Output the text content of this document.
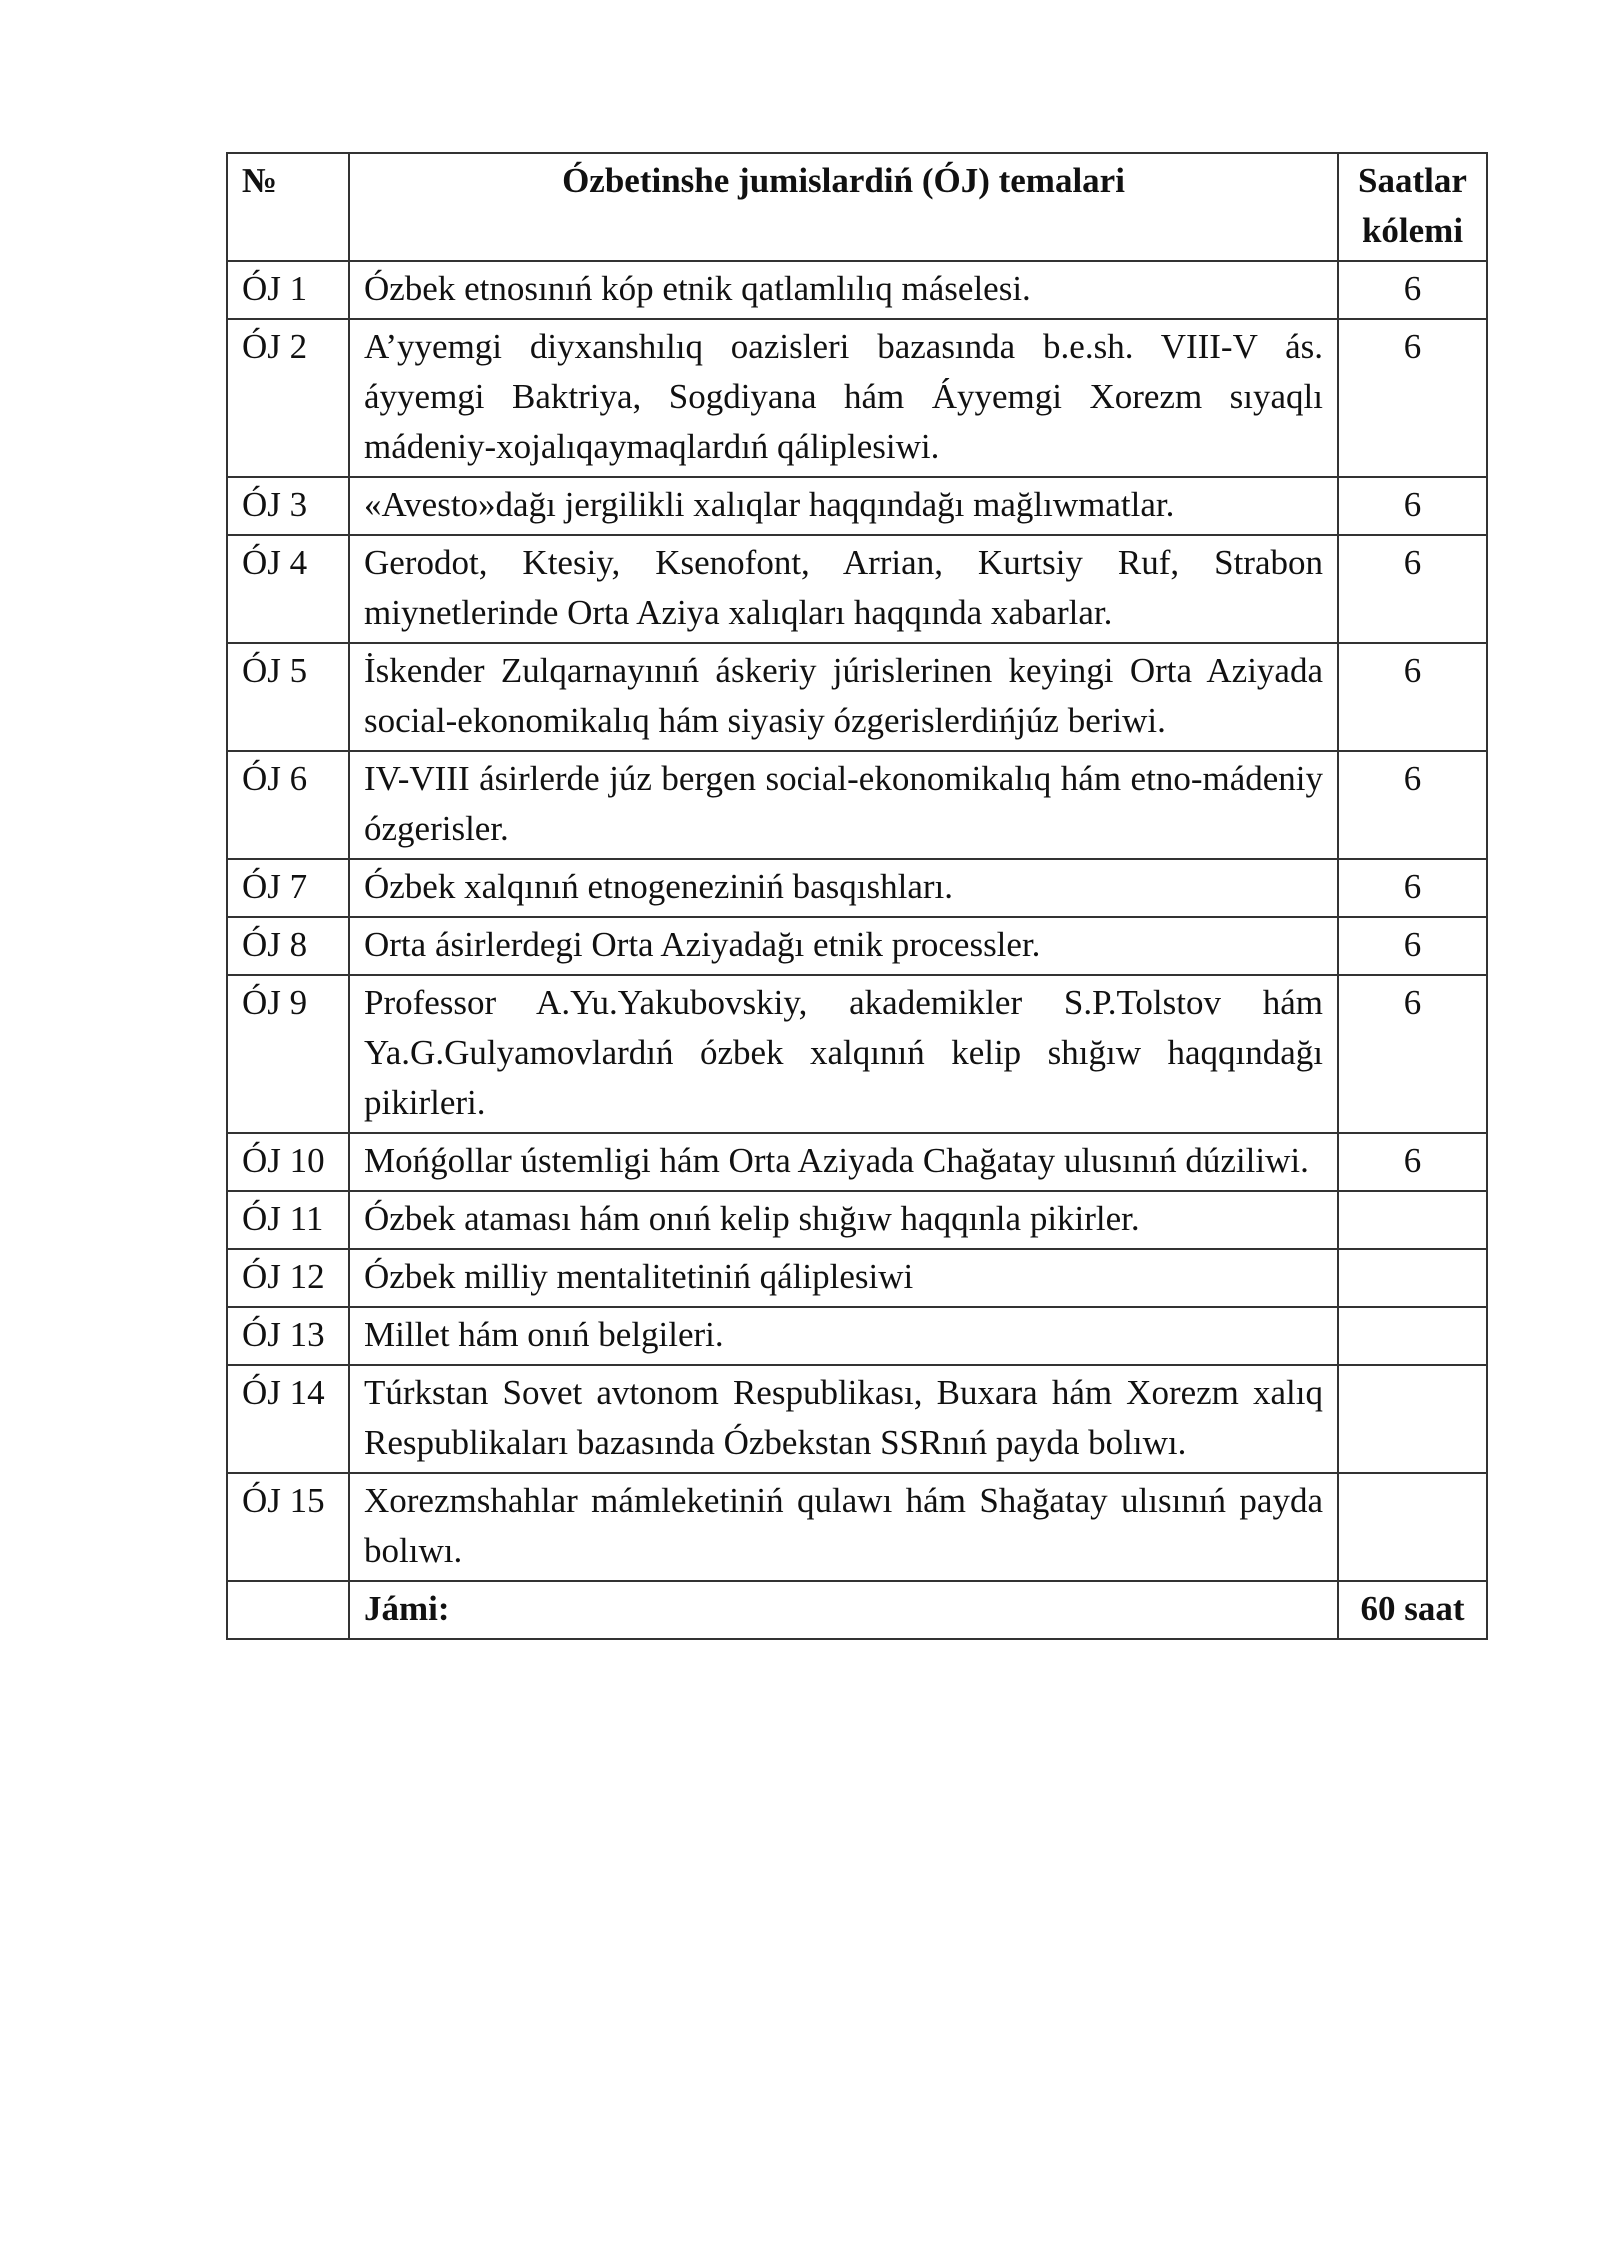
№	Ózbetinshe jumislardiń (ÓJ) temalari	Saatlar
kólemi
ÓJ 1	Ózbek etnosınıń kóp etnik qatlamlılıq máselesi.	6
ÓJ 2	A’yyemgi diyxanshılıq oazisleri bazasında b.e.sh. VIII-V ás. áyyemgi Baktriya, Sogdiyana hám Áyyemgi Xorezm sıyaqlı mádeniy-xojalıqaymaqlardıń qáliplesiwi.	6
ÓJ 3	«Avesto»dağı jergilikli xalıqlar haqqındağı mağlıwmatlar.	6
ÓJ 4	Gerodot, Ktesiy, Ksenofont, Arrian, Kurtsiy Ruf, Strabon miynetlerinde Orta Aziya xalıqları haqqında xabarlar.	6
ÓJ 5	İskender Zulqarnayınıń áskeriy júrislerinen keyingi Orta Aziyada social-ekonomikalıq hám siyasiy ózgerislerdińjúz beriwi.	6
ÓJ 6	IV-VIII ásirlerde júz bergen social-ekonomikalıq hám etno-mádeniy ózgerisler.	6
ÓJ 7	Ózbek xalqınıń etnogeneziniń basqıshları.	6
ÓJ 8	Orta ásirlerdegi Orta Aziyadağı etnik processler.	6
ÓJ 9	Professor A.Yu.Yakubovskiy, akademikler S.P.Tolstov hám Ya.G.Gulyamovlardıń ózbek xalqınıń kelip shığıw haqqındağı pikirleri.	6
ÓJ 10	Mońǵollar ústemligi hám Orta Aziyada Chağatay ulusınıń dúziliwi.	6
ÓJ 11	Ózbek ataması hám onıń kelip shığıw haqqınla pikirler.	
ÓJ 12	Ózbek milliy mentalitetiniń qáliplesiwi	
ÓJ 13	Millet hám onıń belgileri.	
ÓJ 14	Túrkstan Sovet avtonom Respublikası, Buxara hám Xorezm xalıq Respublikaları bazasında Ózbekstan SSRnıń payda bolıwı.	
ÓJ 15	Xorezmshahlar mámleketiniń qulawı hám Shağatay ulısınıń payda bolıwı.	
	Jámi:	60 saat
